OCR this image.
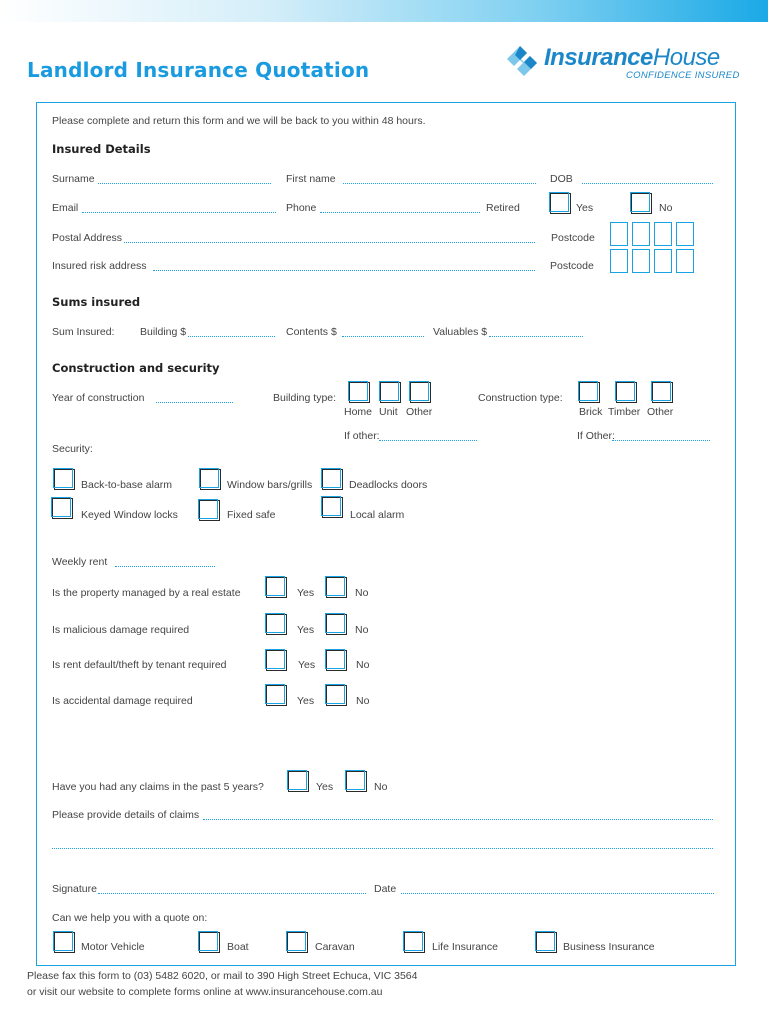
Landlord Insurance Quotation	InsuranceHouse
CONFIDENCE INSURED
Please complete and return this form and we will be back to you within 48 hours.
Insured Details
Surname	First name	DOB
Email	Phone	Retired	Yes	No
Postal Address	Postcode
Insured risk address	Postcode
Sums insured
Sum Insured: Building $	Contents $	Valuables $
Construction and security
Year of construction	Building type:
Home Unit Other
Construction type:
Brick Timber Other
If other:	If Other:
Security:
Back-to-base alarm	Window bars/grills	Deadlocks doors
Keyed Window locks	Fixed safe	Local alarm
Weekly rent
Is the property managed by a real estate	Yes	No
Is malicious damage required	Yes	No
Is rent default/theft by tenant required	Yes	No
Is accidental damage required	Yes	No
Have you had any claims in the past 5 years?	Yes	No
Please provide details of claims
Signature	Date
Can we help you with a quote on:
Motor Vehicle	Boat	Caravan	Life Insurance	Business Insurance
Please fax this form to (03) 5482 6020, or mail to 390 High Street Echuca, VIC 3564
or visit our website to complete forms online at www.insurancehouse.com.au
